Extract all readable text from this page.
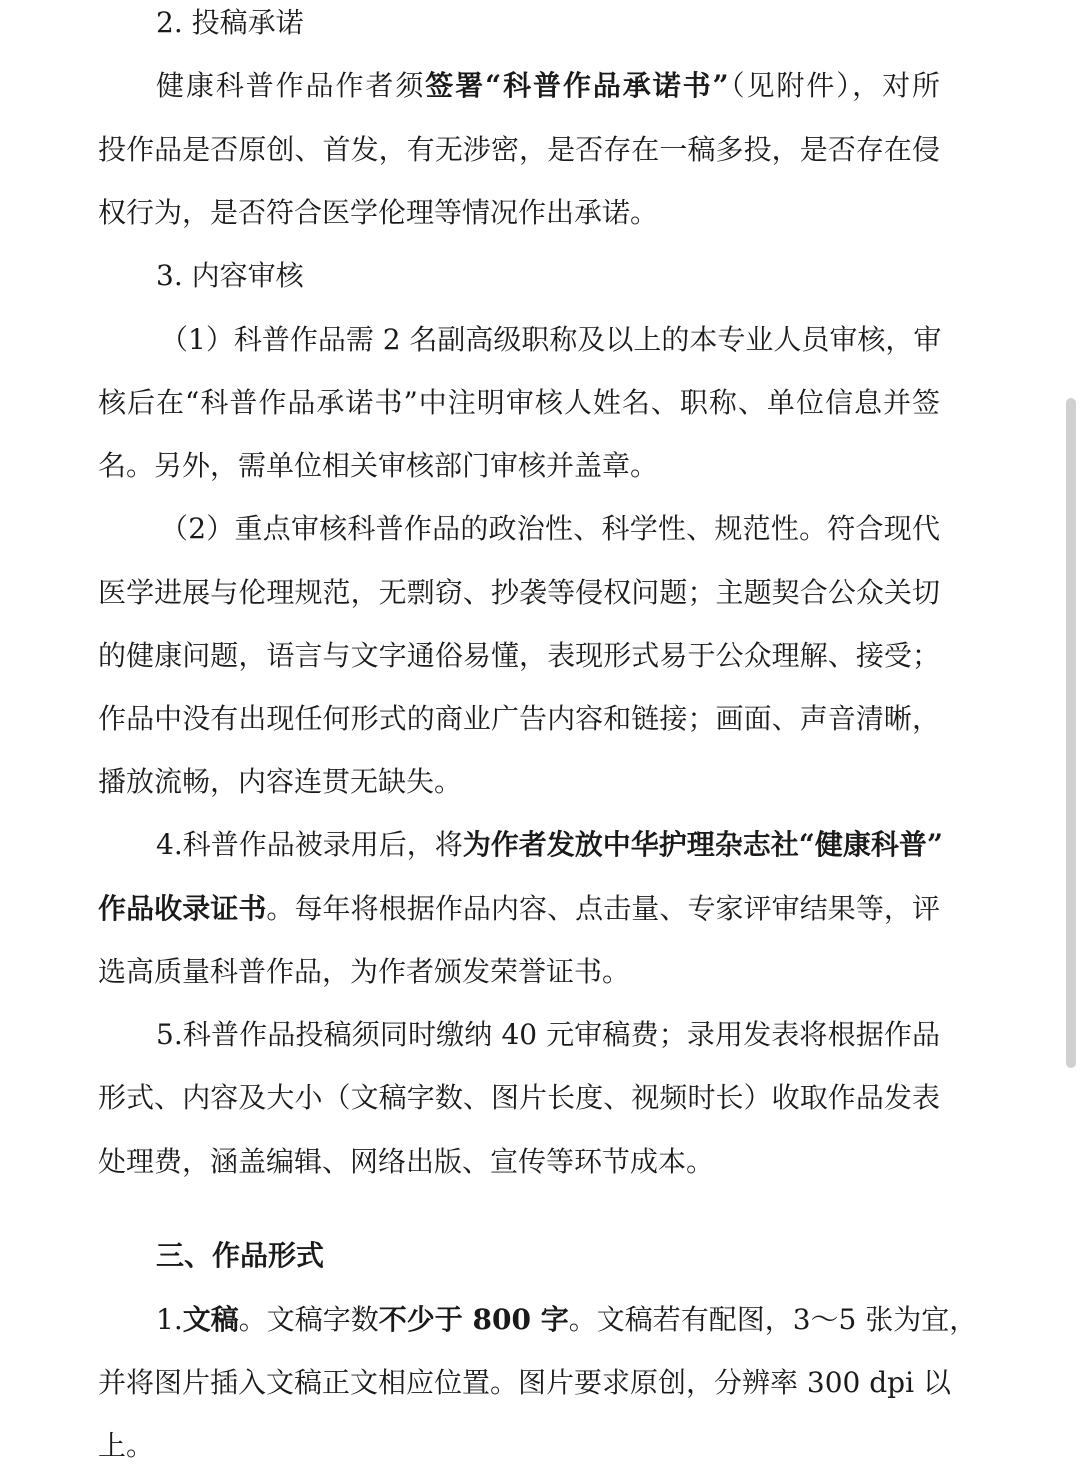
2. 投稿承诺
健康科普作品作者须签署“科普作品承诺书”（见附件），对所
投作品是否原创、首发，有无涉密，是否存在一稿多投，是否存在侵
权行为，是否符合医学伦理等情况作出承诺。
3. 内容审核
（1）科普作品需 2 名副高级职称及以上的本专业人员审核，审
核后在“科普作品承诺书”中注明审核人姓名、职称、单位信息并签
名。另外，需单位相关审核部门审核并盖章。
（2）重点审核科普作品的政治性、科学性、规范性。符合现代
医学进展与伦理规范，无剽窃、抄袭等侵权问题；主题契合公众关切
的健康问题，语言与文字通俗易懂，表现形式易于公众理解、接受；
作品中没有出现任何形式的商业广告内容和链接；画面、声音清晰，
播放流畅，内容连贯无缺失。
4.科普作品被录用后，将为作者发放中华护理杂志社“健康科普”
作品收录证书。每年将根据作品内容、点击量、专家评审结果等，评
选高质量科普作品，为作者颁发荣誉证书。
5.科普作品投稿须同时缴纳 40 元审稿费；录用发表将根据作品
形式、内容及大小（文稿字数、图片长度、视频时长）收取作品发表
处理费，涵盖编辑、网络出版、宣传等环节成本。
三、作品形式
1.文稿。文稿字数不少于 800 字。文稿若有配图，3～5 张为宜，
并将图片插入文稿正文相应位置。图片要求原创，分辨率 300 dpi 以
上。
